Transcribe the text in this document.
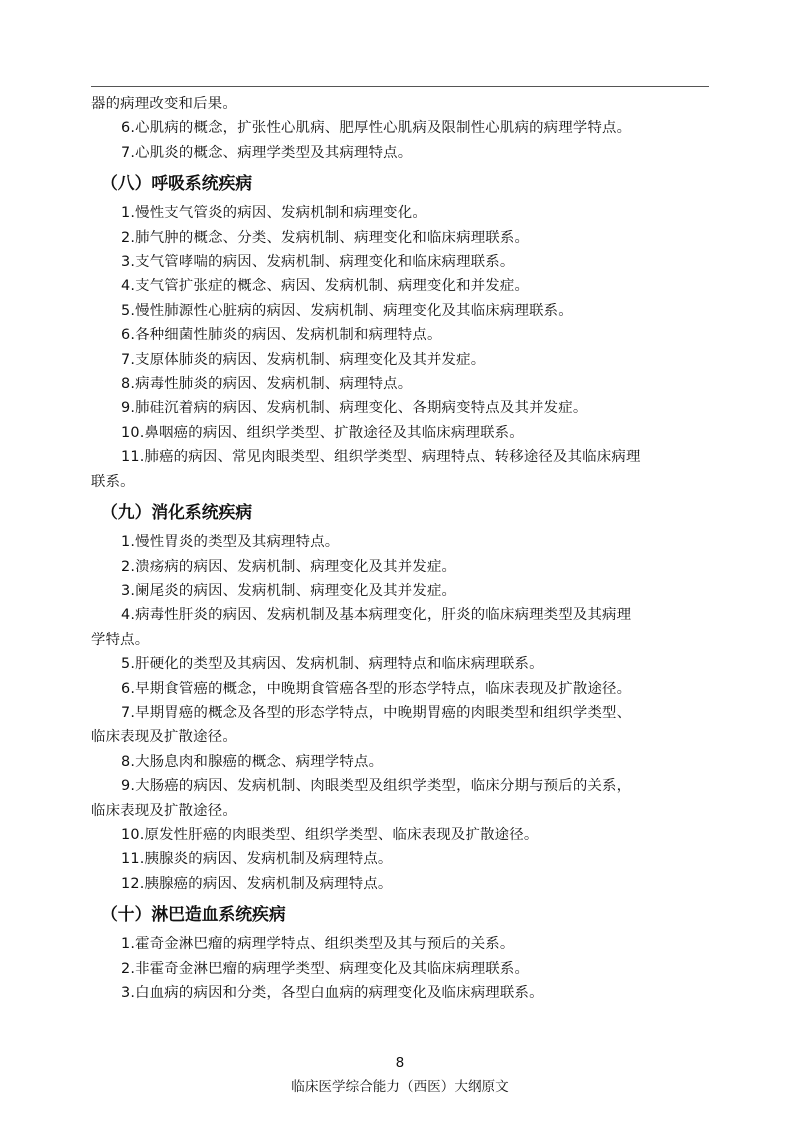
器的病理改变和后果。
6.心肌病的概念，扩张性心肌病、肥厚性心肌病及限制性心肌病的病理学特点。
7.心肌炎的概念、病理学类型及其病理特点。
（八）呼吸系统疾病
1.慢性支气管炎的病因、发病机制和病理变化。
2.肺气肿的概念、分类、发病机制、病理变化和临床病理联系。
3.支气管哮喘的病因、发病机制、病理变化和临床病理联系。
4.支气管扩张症的概念、病因、发病机制、病理变化和并发症。
5.慢性肺源性心脏病的病因、发病机制、病理变化及其临床病理联系。
6.各种细菌性肺炎的病因、发病机制和病理特点。
7.支原体肺炎的病因、发病机制、病理变化及其并发症。
8.病毒性肺炎的病因、发病机制、病理特点。
9.肺硅沉着病的病因、发病机制、病理变化、各期病变特点及其并发症。
10.鼻咽癌的病因、组织学类型、扩散途径及其临床病理联系。
11.肺癌的病因、常见肉眼类型、组织学类型、病理特点、转移途径及其临床病理
联系。
（九）消化系统疾病
1.慢性胃炎的类型及其病理特点。
2.溃疡病的病因、发病机制、病理变化及其并发症。
3.阑尾炎的病因、发病机制、病理变化及其并发症。
4.病毒性肝炎的病因、发病机制及基本病理变化，肝炎的临床病理类型及其病理
学特点。
5.肝硬化的类型及其病因、发病机制、病理特点和临床病理联系。
6.早期食管癌的概念，中晚期食管癌各型的形态学特点，临床表现及扩散途径。
7.早期胃癌的概念及各型的形态学特点，中晚期胃癌的肉眼类型和组织学类型、
临床表现及扩散途径。
8.大肠息肉和腺癌的概念、病理学特点。
9.大肠癌的病因、发病机制、肉眼类型及组织学类型，临床分期与预后的关系，
临床表现及扩散途径。
10.原发性肝癌的肉眼类型、组织学类型、临床表现及扩散途径。
11.胰腺炎的病因、发病机制及病理特点。
12.胰腺癌的病因、发病机制及病理特点。
（十）淋巴造血系统疾病
1.霍奇金淋巴瘤的病理学特点、组织类型及其与预后的关系。
2.非霍奇金淋巴瘤的病理学类型、病理变化及其临床病理联系。
3.白血病的病因和分类，各型白血病的病理变化及临床病理联系。
8
临床医学综合能力（西医）大纲原文
